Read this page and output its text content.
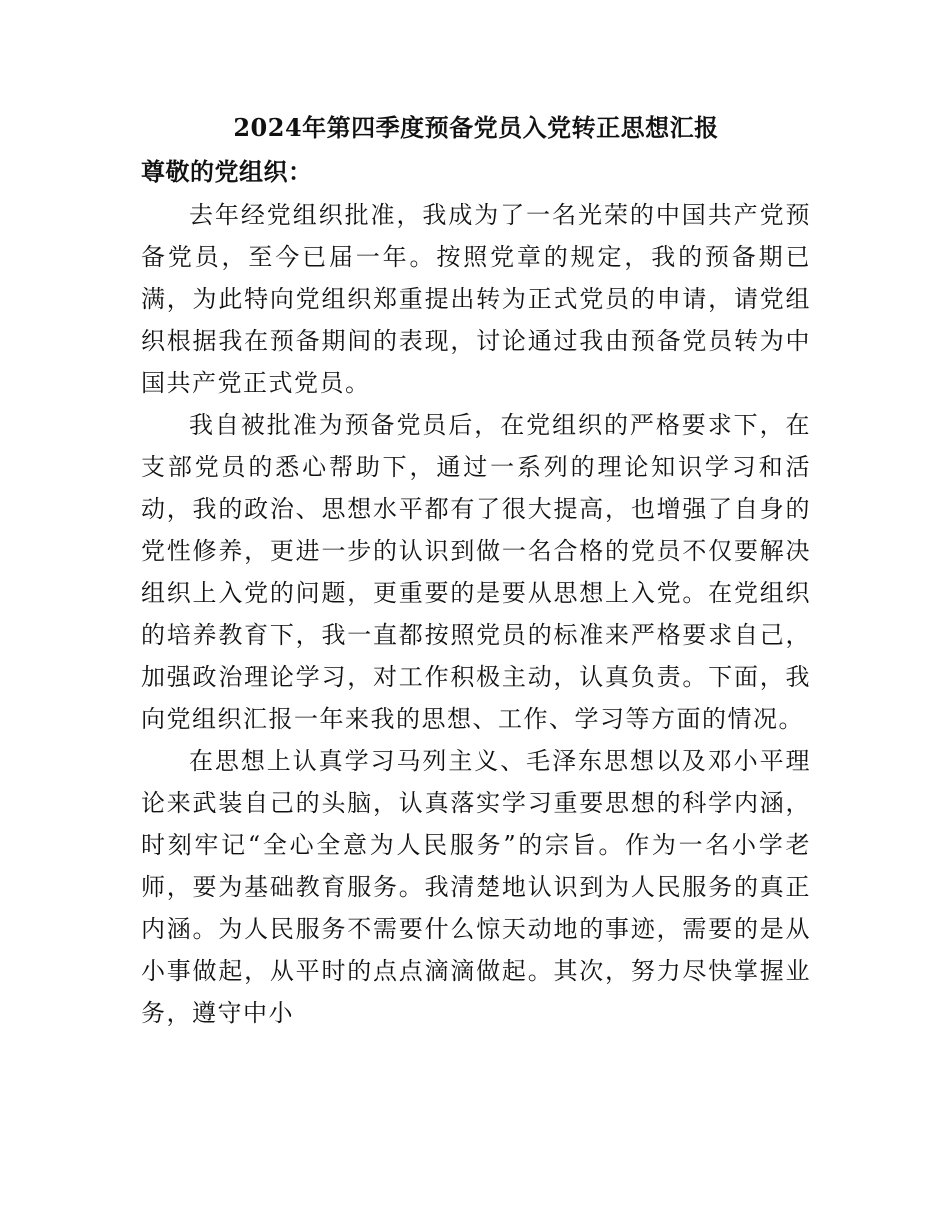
2024年第四季度预备党员入党转正思想汇报

尊敬的党组织：

去年经党组织批准，我成为了一名光荣的中国共产党预备党员，至今已届一年。按照党章的规定，我的预备期已满，为此特向党组织郑重提出转为正式党员的申请，请党组织根据我在预备期间的表现，讨论通过我由预备党员转为中国共产党正式党员。

我自被批准为预备党员后，在党组织的严格要求下，在支部党员的悉心帮助下，通过一系列的理论知识学习和活动，我的政治、思想水平都有了很大提高，也增强了自身的党性修养，更进一步的认识到做一名合格的党员不仅要解决组织上入党的问题，更重要的是要从思想上入党。在党组织的培养教育下，我一直都按照党员的标准来严格要求自己，加强政治理论学习，对工作积极主动，认真负责。下面，我向党组织汇报一年来我的思想、工作、学习等方面的情况。

在思想上认真学习马列主义、毛泽东思想以及邓小平理论来武装自己的头脑，认真落实学习重要思想的科学内涵，时刻牢记“全心全意为人民服务”的宗旨。作为一名小学老师，要为基础教育服务。我清楚地认识到为人民服务的真正内涵。为人民服务不需要什么惊天动地的事迹，需要的是从小事做起，从平时的点点滴滴做起。其次，努力尽快掌握业务，遵守中小
